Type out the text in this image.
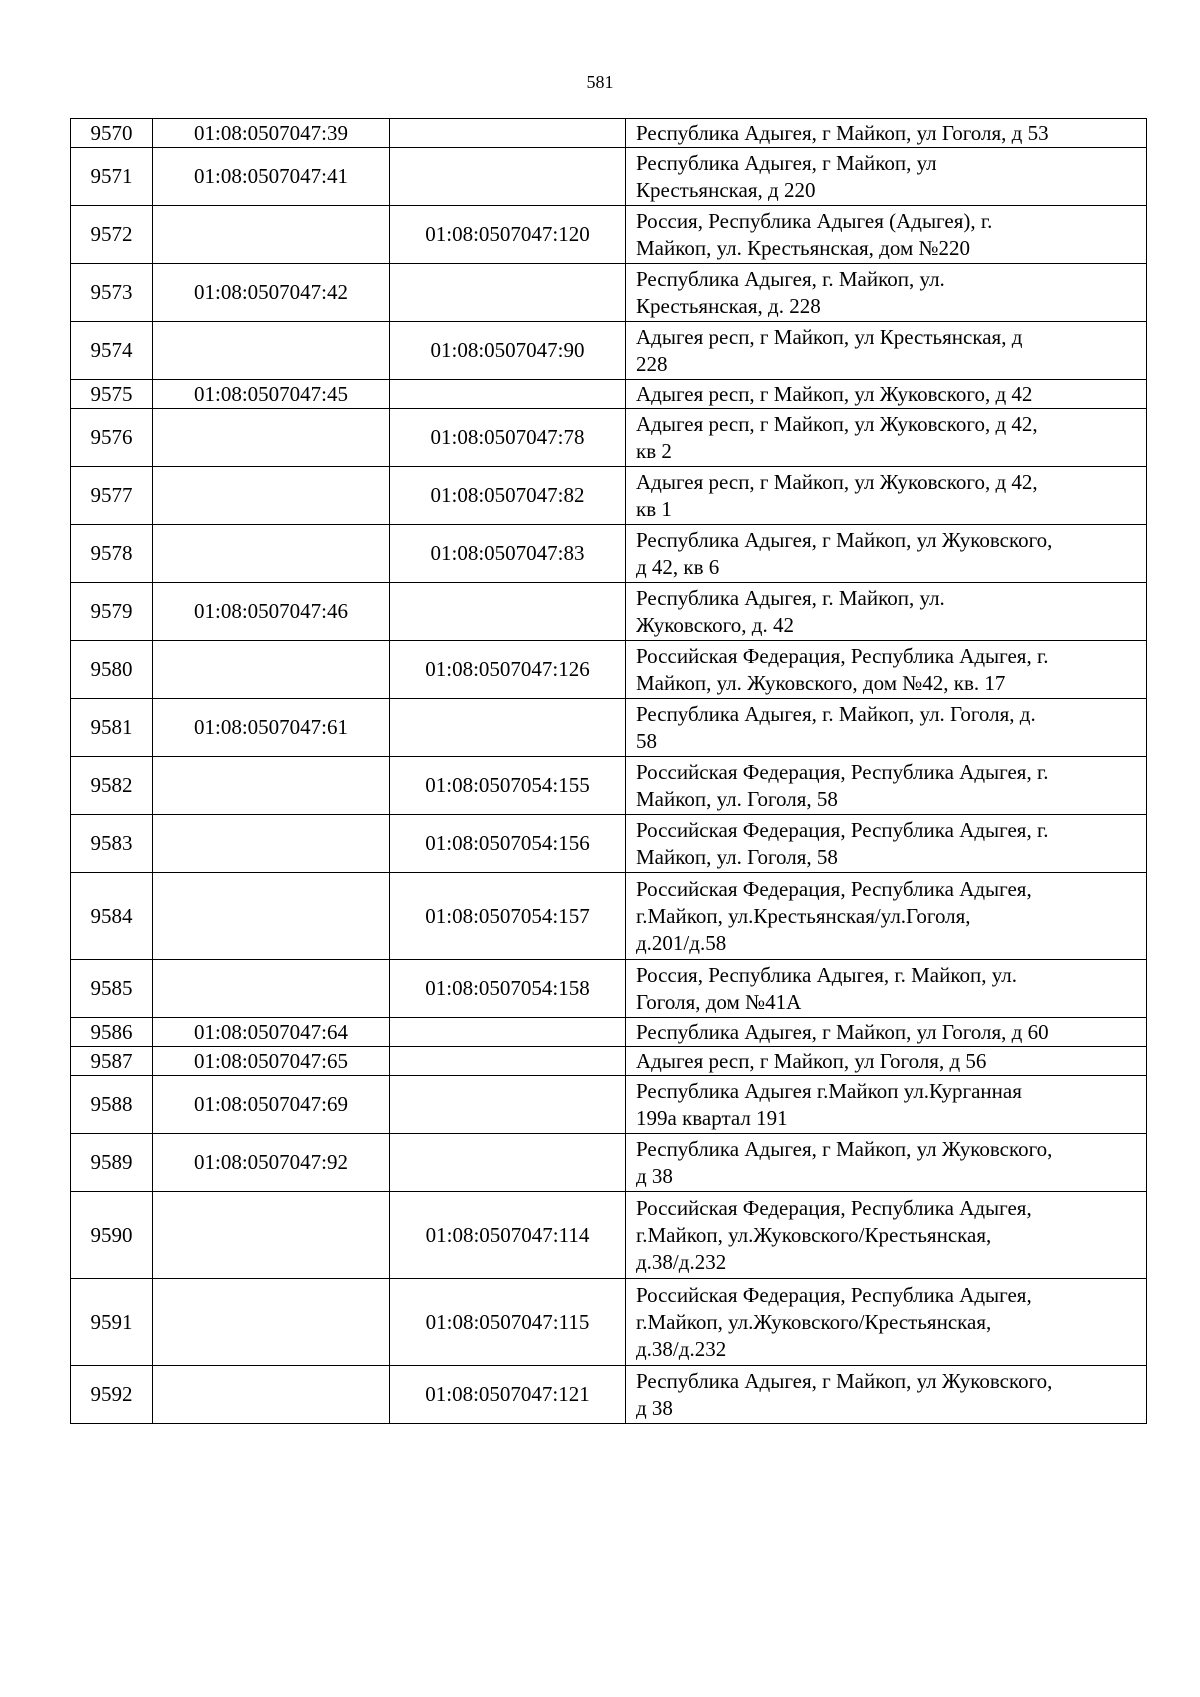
581
9570	01:08:0507047:39		Республика Адыгея, г Майкоп, ул Гоголя, д 53

9571	01:08:0507047:41		Республика Адыгея, г Майкоп, ул
Крестьянская, д 220

9572		01:08:0507047:120	Россия, Республика Адыгея (Адыгея), г.
Майкоп, ул. Крестьянская, дом №220

9573	01:08:0507047:42		Республика Адыгея, г. Майкоп, ул.
Крестьянская, д. 228

9574		01:08:0507047:90	Адыгея респ, г Майкоп, ул Крестьянская, д
228

9575	01:08:0507047:45		Адыгея респ, г Майкоп, ул Жуковского, д 42

9576		01:08:0507047:78	Адыгея респ, г Майкоп, ул Жуковского, д 42,
кв 2

9577		01:08:0507047:82	Адыгея респ, г Майкоп, ул Жуковского, д 42,
кв 1

9578		01:08:0507047:83	Республика Адыгея, г Майкоп, ул Жуковского,
д 42, кв 6

9579	01:08:0507047:46		Республика Адыгея, г. Майкоп, ул.
Жуковского, д. 42

9580		01:08:0507047:126	Российская Федерация, Республика Адыгея, г.
Майкоп, ул. Жуковского, дом №42, кв. 17

9581	01:08:0507047:61		Республика Адыгея, г. Майкоп, ул. Гоголя, д.
58

9582		01:08:0507054:155	Российская Федерация, Республика Адыгея, г.
Майкоп, ул. Гоголя, 58

9583		01:08:0507054:156	Российская Федерация, Республика Адыгея, г.
Майкоп, ул. Гоголя, 58

9584		01:08:0507054:157	Российская Федерация, Республика Адыгея,
г.Майкоп, ул.Крестьянская/ул.Гоголя,
д.201/д.58

9585		01:08:0507054:158	Россия, Республика Адыгея, г. Майкоп, ул.
Гоголя, дом №41А

9586	01:08:0507047:64		Республика Адыгея, г Майкоп, ул Гоголя, д 60

9587	01:08:0507047:65		Адыгея респ, г Майкоп, ул Гоголя, д 56

9588	01:08:0507047:69		Республика Адыгея г.Майкоп ул.Курганная
199а квартал 191

9589	01:08:0507047:92		Республика Адыгея, г Майкоп, ул Жуковского,
д 38

9590		01:08:0507047:114	Российская Федерация, Республика Адыгея,
г.Майкоп, ул.Жуковского/Крестьянская,
д.38/д.232

9591		01:08:0507047:115	Российская Федерация, Республика Адыгея,
г.Майкоп, ул.Жуковского/Крестьянская,
д.38/д.232

9592		01:08:0507047:121	Республика Адыгея, г Майкоп, ул Жуковского,
д 38
